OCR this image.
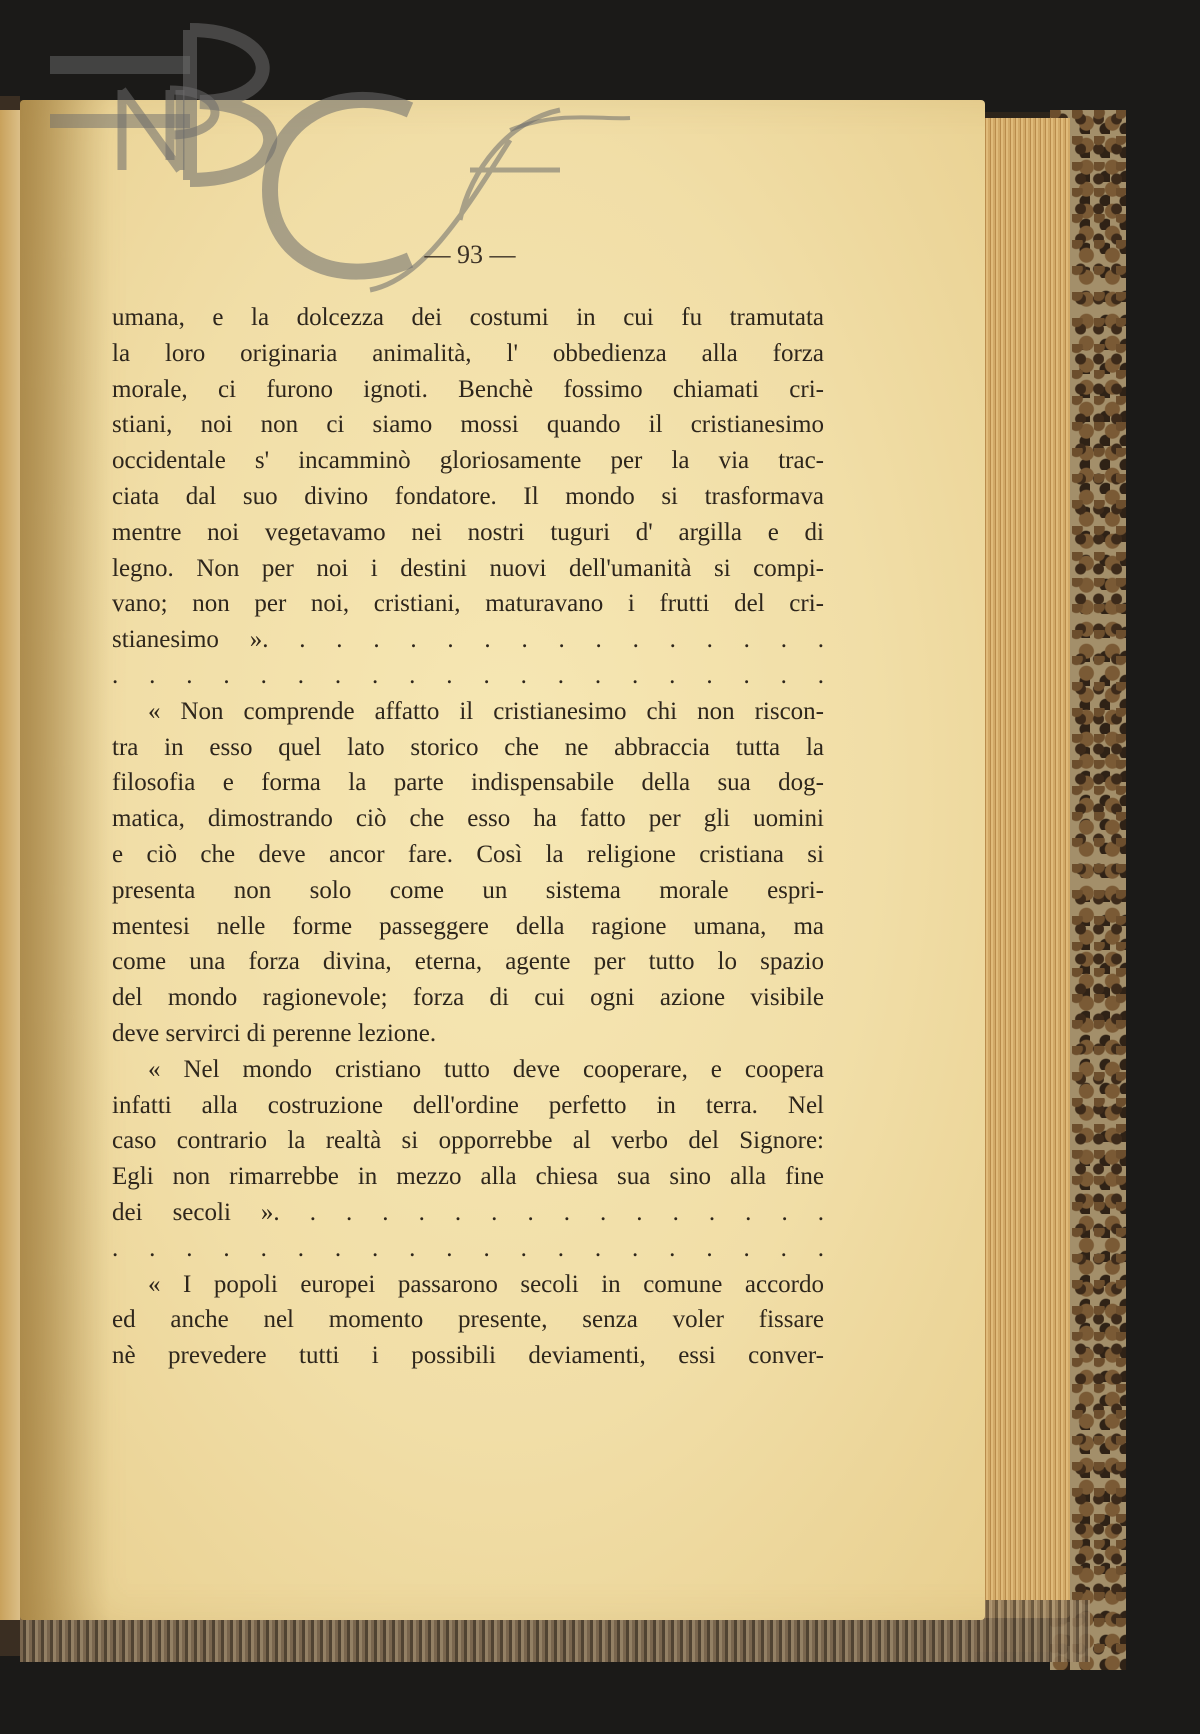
— 93 —
umana, e la dolcezza dei costumi in cui fu tramutata
la loro originaria animalità, l' obbedienza alla forza
morale, ci furono ignoti. Benchè fossimo chiamati cri-
stiani, noi non ci siamo mossi quando il cristianesimo
occidentale s' incamminò gloriosamente per la via trac-
ciata dal suo divino fondatore. Il mondo si trasformava
mentre noi vegetavamo nei nostri tuguri d' argilla e di
legno. Non per noi i destini nuovi dell'umanità si compi-
vano; non per noi, cristiani, maturavano i frutti del cri-
stianesimo ». . . . . . . . . . . . . . . .
. . . . . . . . . . . . . . . . . . . .
« Non comprende affatto il cristianesimo chi non riscon-
tra in esso quel lato storico che ne abbraccia tutta la
filosofia e forma la parte indispensabile della sua dog-
matica, dimostrando ciò che esso ha fatto per gli uomini
e ciò che deve ancor fare. Così la religione cristiana si
presenta non solo come un sistema morale espri-
mentesi nelle forme passeggere della ragione umana, ma
come una forza divina, eterna, agente per tutto lo spazio
del mondo ragionevole; forza di cui ogni azione visibile
deve servirci di perenne lezione.
« Nel mondo cristiano tutto deve cooperare, e coopera
infatti alla costruzione dell'ordine perfetto in terra. Nel
caso contrario la realtà si opporrebbe al verbo del Signore:
Egli non rimarrebbe in mezzo alla chiesa sua sino alla fine
dei secoli ». . . . . . . . . . . . . . . .
. . . . . . . . . . . . . . . . . . . .
« I popoli europei passarono secoli in comune accordo
ed anche nel momento presente, senza voler fissare
nè prevedere tutti i possibili deviamenti, essi conver-
